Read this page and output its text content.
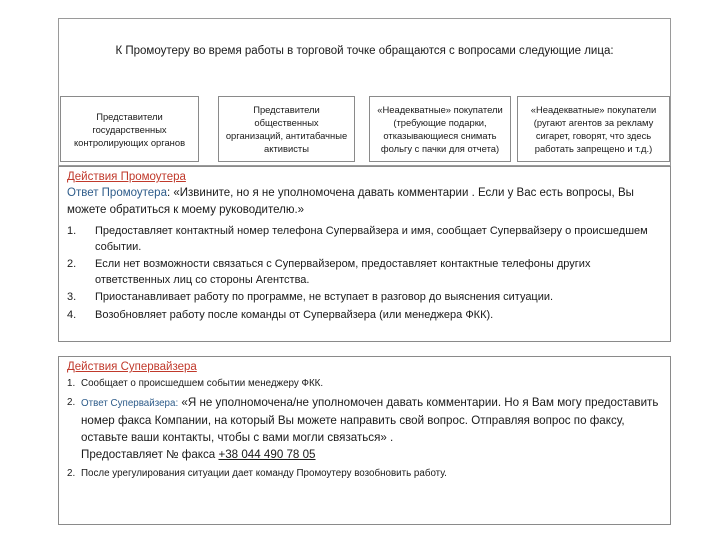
К Промоутеру во время работы в торговой точке обращаются с вопросами следующие лица:
Представители государственных контролирующих органов
Представители общественных организаций, антитабачные активисты
«Неадекватные» покупатели (требующие подарки, отказывающиеся снимать фольгу с пачки для отчета)
«Неадекватные» покупатели (ругают агентов за рекламу сигарет, говорят, что здесь работать запрещено и т.д.)
Действия Промоутера
Ответ Промоутера: «Извините, но я не уполномочена давать комментарии . Если у Вас есть вопросы, Вы можете обратиться к моему руководителю.»
1.	Предоставляет контактный номер телефона Супервайзера и имя, сообщает Супервайзеру о происшедшем событии.
2.	Если нет возможности связаться с Супервайзером, предоставляет контактные телефоны других ответственных лиц со стороны Агентства.
3.	Приостанавливает работу по программе, не вступает в разговор до выяснения ситуации.
4.	Возобновляет работу после команды от Супервайзера (или менеджера ФКК).
Действия Супервайзера
1. Сообщает о происшедшем событии менеджеру ФКК.
2. Ответ Супервайзера: «Я не уполномочена/не уполномочен давать комментарии. Но я Вам могу предоставить номер факса Компании, на который Вы можете направить свой вопрос. Отправляя вопрос по факсу, оставьте ваши контакты, чтобы с вами могли связаться» .
Предоставляет № факса +38 044 490 78 05
2. После урегулирования ситуации дает команду Промоутеру возобновить работу.
